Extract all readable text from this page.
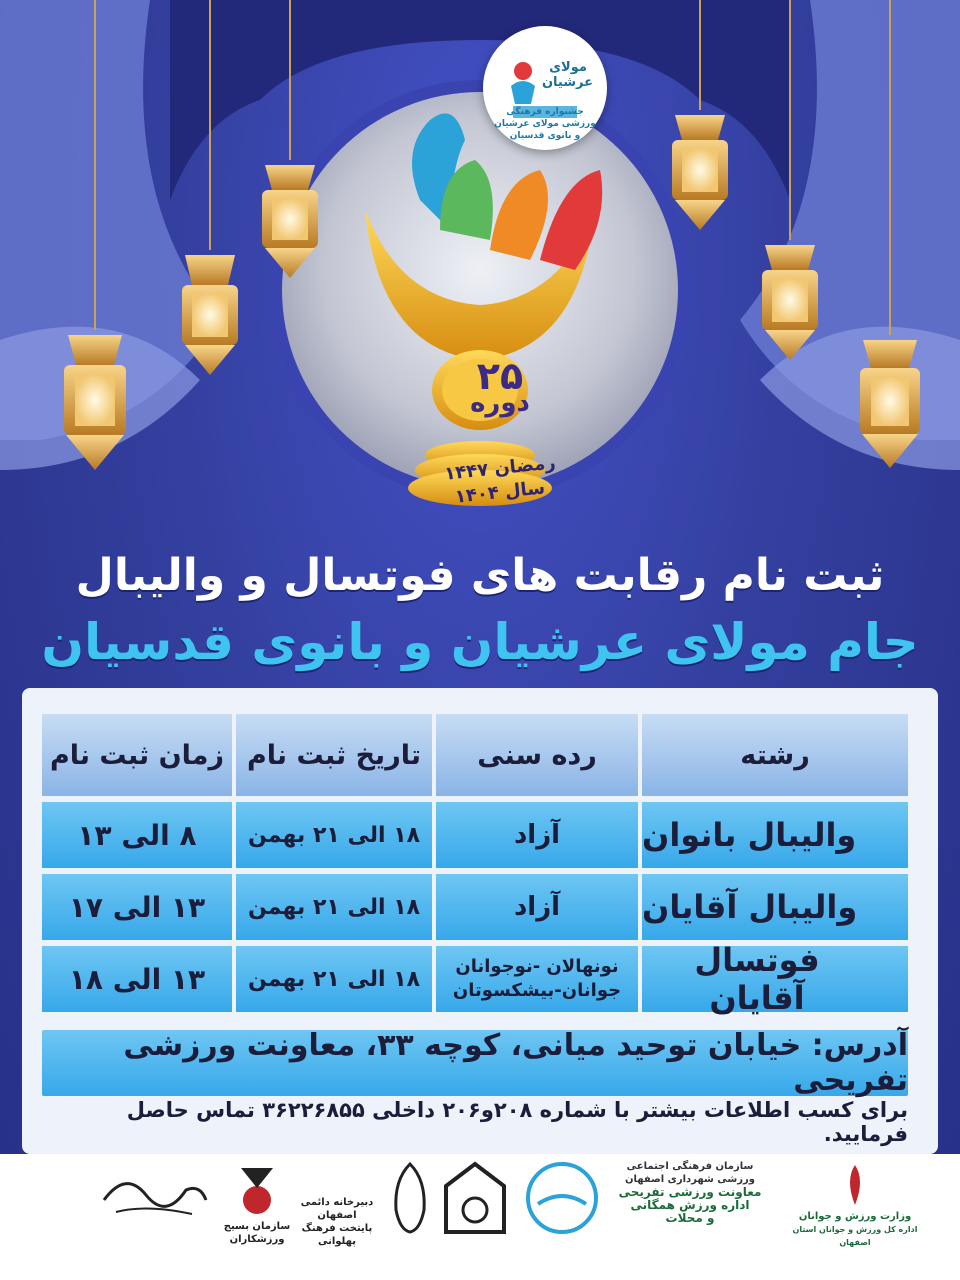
مولای عرشیان
جشنواره فرهنگی ورزشی مولای عرشیان و بانوی قدسیان
۲۵
دوره
رمضان ۱۴۴۷
سال ۱۴۰۴
ثبت نام رقابت های فوتسال و والیبال
جام مولای عرشیان و بانوی قدسیان
رشته
رده سنی
تاریخ ثبت نام
زمان ثبت نام
والیبال بانوان
آزاد
۱۸ الی ۲۱ بهمن
۸ الی ۱۳
والیبال آقایان
آزاد
۱۸ الی ۲۱ بهمن
۱۳ الی ۱۷
فوتسال آقایان
نونهالان -نوجوانان
جوانان-بیشکسوتان
۱۸ الی ۲۱ بهمن
۱۳ الی ۱۸
آدرس: خیابان توحید میانی، کوچه ۳۳، معاونت ورزشی تفریحی
برای کسب اطلاعات بیشتر با شماره ۲۰۸و۲۰۶ داخلی ۳۶۲۲۶۸۵۵ تماس حاصل فرمایید.
وزارت ورزش و جوانان
اداره کل ورزش و جوانان استان اصفهان
سازمان فرهنگی اجتماعی
ورزشی شهرداری اصفهان
معاونت ورزشی تفریحی
اداره ورزش همگانی
و محلات
دبیرخانه دائمی اصفهان
پایتخت فرهنگ پهلوانی
سازمان بسیج ورزشکاران
